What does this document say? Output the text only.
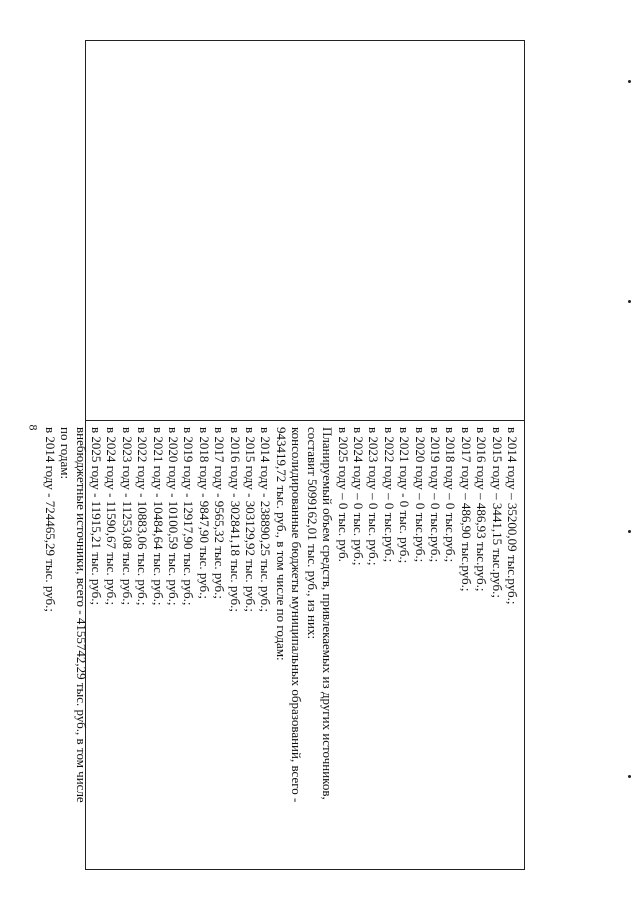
8	в 2014 году – 35200,09 тыс.руб.;
в 2015 году – 3441,15 тыс.руб.;
в 2016 году – 486,93 тыс.руб.;
в 2017 году – 486,90 тыс.руб.;
в 2018 году – 0 тыс.руб.;
в 2019 году – 0 тыс.руб.;
в 2020 году – 0 тыс.руб.;
в 2021 году - 0 тыс. руб.;
в 2022 году – 0 тыс.руб.;
в 2023 году – 0 тыс. руб.;
в 2024 году – 0 тыс. руб.;
в 2025 году – 0 тыс. руб.
Планируемый объем средств, привлекаемых из других источников,
составит 5099162,01 тыс. руб., из них:
консолидированные бюджеты муниципальных образований, всего -
943419,72 тыс. руб., в том числе по годам:
в 2014 году - 238890,25 тыс. руб.;
в 2015 году - 303129,92 тыс. руб.;
в 2016 году - 302841,18 тыс. руб.;
в 2017 году - 9565,32 тыс. руб.;
в 2018 году - 9847,90 тыс. руб.;
в 2019 году - 12917,90 тыс. руб.;
в 2020 году - 10100,59 тыс. руб.;
в 2021 году - 10484,64 тыс. руб.;
в 2022 году - 10883,06 тыс. руб.;
в 2023 году - 11253,08 тыс. руб.;
в 2024 году - 11590,67 тыс. руб.;
в 2025 году - 11915,21 тыс. руб.;
внебюджетные источники, всего - 4155742,29 тыс. руб., в том числе
по годам:
в 2014 году - 724465,29 тыс. руб.;
